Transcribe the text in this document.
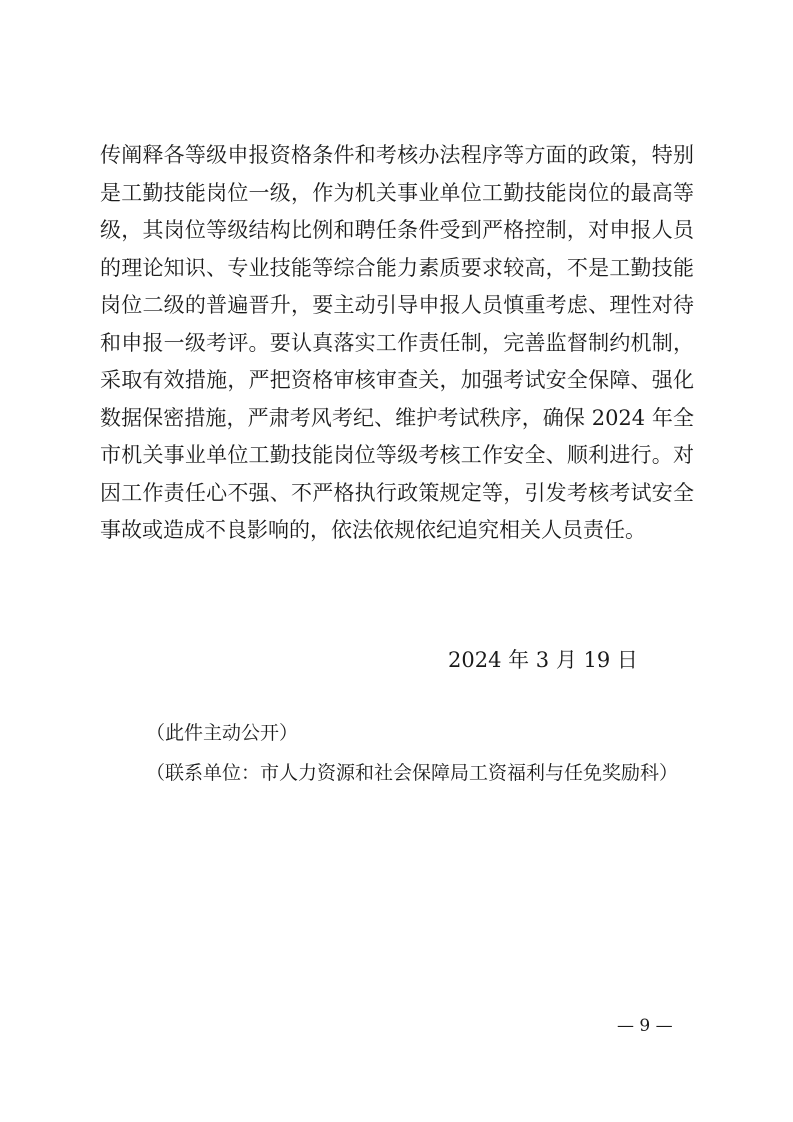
传阐释各等级申报资格条件和考核办法程序等方面的政策，特别
是工勤技能岗位一级，作为机关事业单位工勤技能岗位的最高等
级，其岗位等级结构比例和聘任条件受到严格控制，对申报人员
的理论知识、专业技能等综合能力素质要求较高，不是工勤技能
岗位二级的普遍晋升，要主动引导申报人员慎重考虑、理性对待
和申报一级考评。要认真落实工作责任制，完善监督制约机制，
采取有效措施，严把资格审核审查关，加强考试安全保障、强化
数据保密措施，严肃考风考纪、维护考试秩序，确保 2024 年全
市机关事业单位工勤技能岗位等级考核工作安全、顺利进行。对
因工作责任心不强、不严格执行政策规定等，引发考核考试安全
事故或造成不良影响的，依法依规依纪追究相关人员责任。
2024 年 3 月 19 日
（此件主动公开）
（联系单位：市人力资源和社会保障局工资福利与任免奖励科）
— 9 —
